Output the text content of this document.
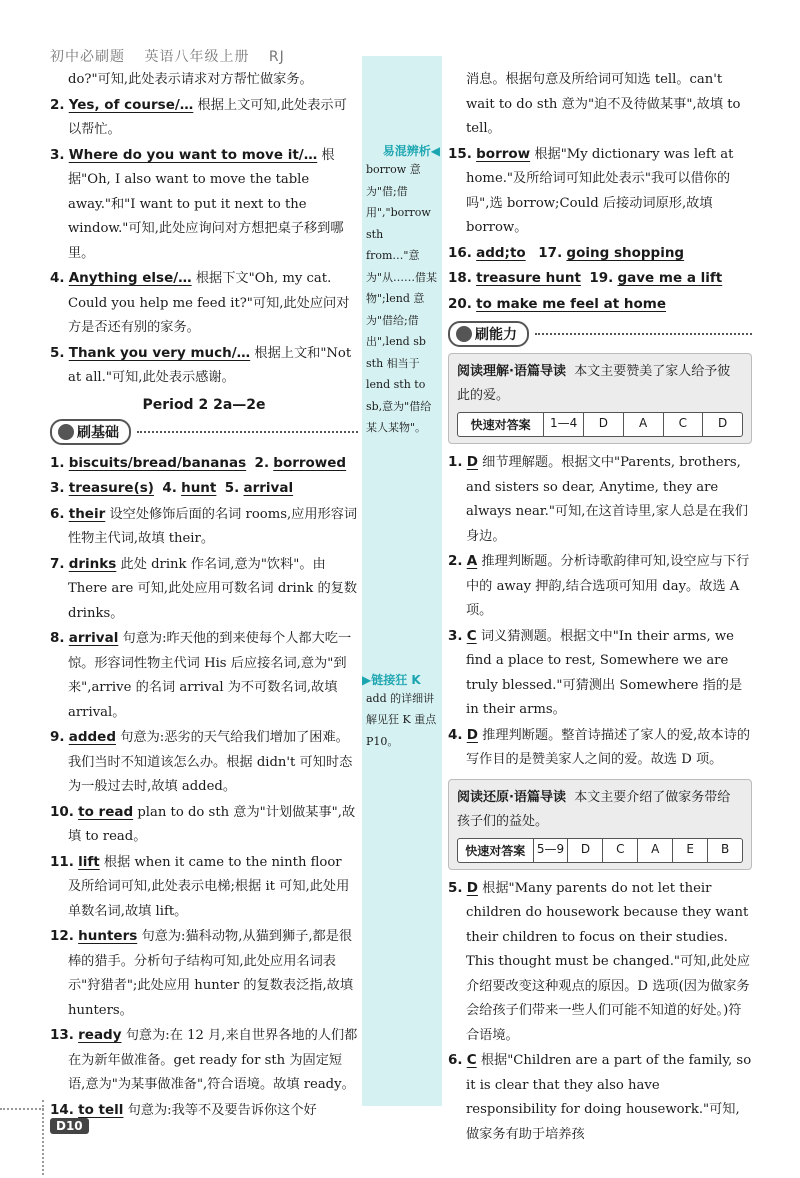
初中必刷题 英语八年级上册 RJ

do?"可知,此处表示请求对方帮忙做家务。

2. Yes, of course/… 根据上文可知,此处表示可以帮忙。
3. Where do you want to move it/… 根据"Oh, I also want to move the table away."和"I want to put it next to the window."可知,此处应询问对方想把桌子移到哪里。
4. Anything else/… 根据下文"Oh, my cat. Could you help me feed it?"可知,此处应问对方是否还有别的家务。
5. Thank you very much/… 根据上文和"Not at all."可知,此处表示感谢。
Period 2 2a—2e
刷基础
1. biscuits/bread/bananas 2. borrowed
3. treasure(s) 4. hunt 5. arrival
6. their 设空处修饰后面的名词 rooms,应用形容词性物主代词,故填 their。
7. drinks 此处 drink 作名词,意为"饮料"。由 There are 可知,此处应用可数名词 drink 的复数 drinks。
8. arrival 句意为:昨天他的到来使每个人都大吃一惊。形容词性物主代词 His 后应接名词,意为"到来",arrive 的名词 arrival 为不可数名词,故填 arrival。
9. added 句意为:恶劣的天气给我们增加了困难。我们当时不知道该怎么办。根据 didn't 可知时态为一般过去时,故填 added。
10. to read plan to do sth 意为"计划做某事",故填 to read。
11. lift 根据 when it came to the ninth floor 及所给词可知,此处表示电梯;根据 it 可知,此处用单数名词,故填 lift。
12. hunters 句意为:猫科动物,从猫到狮子,都是很棒的猎手。分析句子结构可知,此处应用名词表示"狩猎者";此处应用 hunter 的复数表泛指,故填 hunters。
13. ready 句意为:在 12 月,来自世界各地的人们都在为新年做准备。get ready for sth 为固定短语,意为"为某事做准备",符合语境。故填 ready。
14. to tell 句意为:我等不及要告诉你这个好
易混辨析◀

borrow 意为"借;借用","borrow sth from…"意为"从……借某物";lend 意为"借给;借出",lend sb sth 相当于 lend sth to sb,意为"借给某人某物"。

▶链接狂 K

add 的详细讲解见狂 K 重点 P10。

消息。根据句意及所给词可知选 tell。can't wait to do sth 意为"迫不及待做某事",故填 to tell。

15. borrow 根据"My dictionary was left at home."及所给词可知此处表示"我可以借你的吗",选 borrow;Could 后接动词原形,故填 borrow。
16. add;to 17. going shopping
18. treasure hunt 19. gave me a lift
20. to make me feel at home
刷能力
阅读理解·语篇导读 本文主要赞美了家人给予彼此的爱。
快速对答案	1—4	D	A	C	D
1. D 细节理解题。根据文中"Parents, brothers, and sisters so dear, Anytime, they are always near."可知,在这首诗里,家人总是在我们身边。
2. A 推理判断题。分析诗歌韵律可知,设空应与下行中的 away 押韵,结合选项可知用 day。故选 A 项。
3. C 词义猜测题。根据文中"In their arms, we find a place to rest, Somewhere we are truly blessed."可猜测出 Somewhere 指的是 in their arms。
4. D 推理判断题。整首诗描述了家人的爱,故本诗的写作目的是赞美家人之间的爱。故选 D 项。
阅读还原·语篇导读 本文主要介绍了做家务带给孩子们的益处。
快速对答案 5—9	D	C	A	E	B
5. D 根据"Many parents do not let their children do housework because they want their children to focus on their studies. This thought must be changed."可知,此处应介绍要改变这种观点的原因。D 选项(因为做家务会给孩子们带来一些人们可能不知道的好处。)符合语境。
6. C 根据"Children are a part of the family, so it is clear that they also have responsibility for doing housework."可知,做家务有助于培养孩
D10
